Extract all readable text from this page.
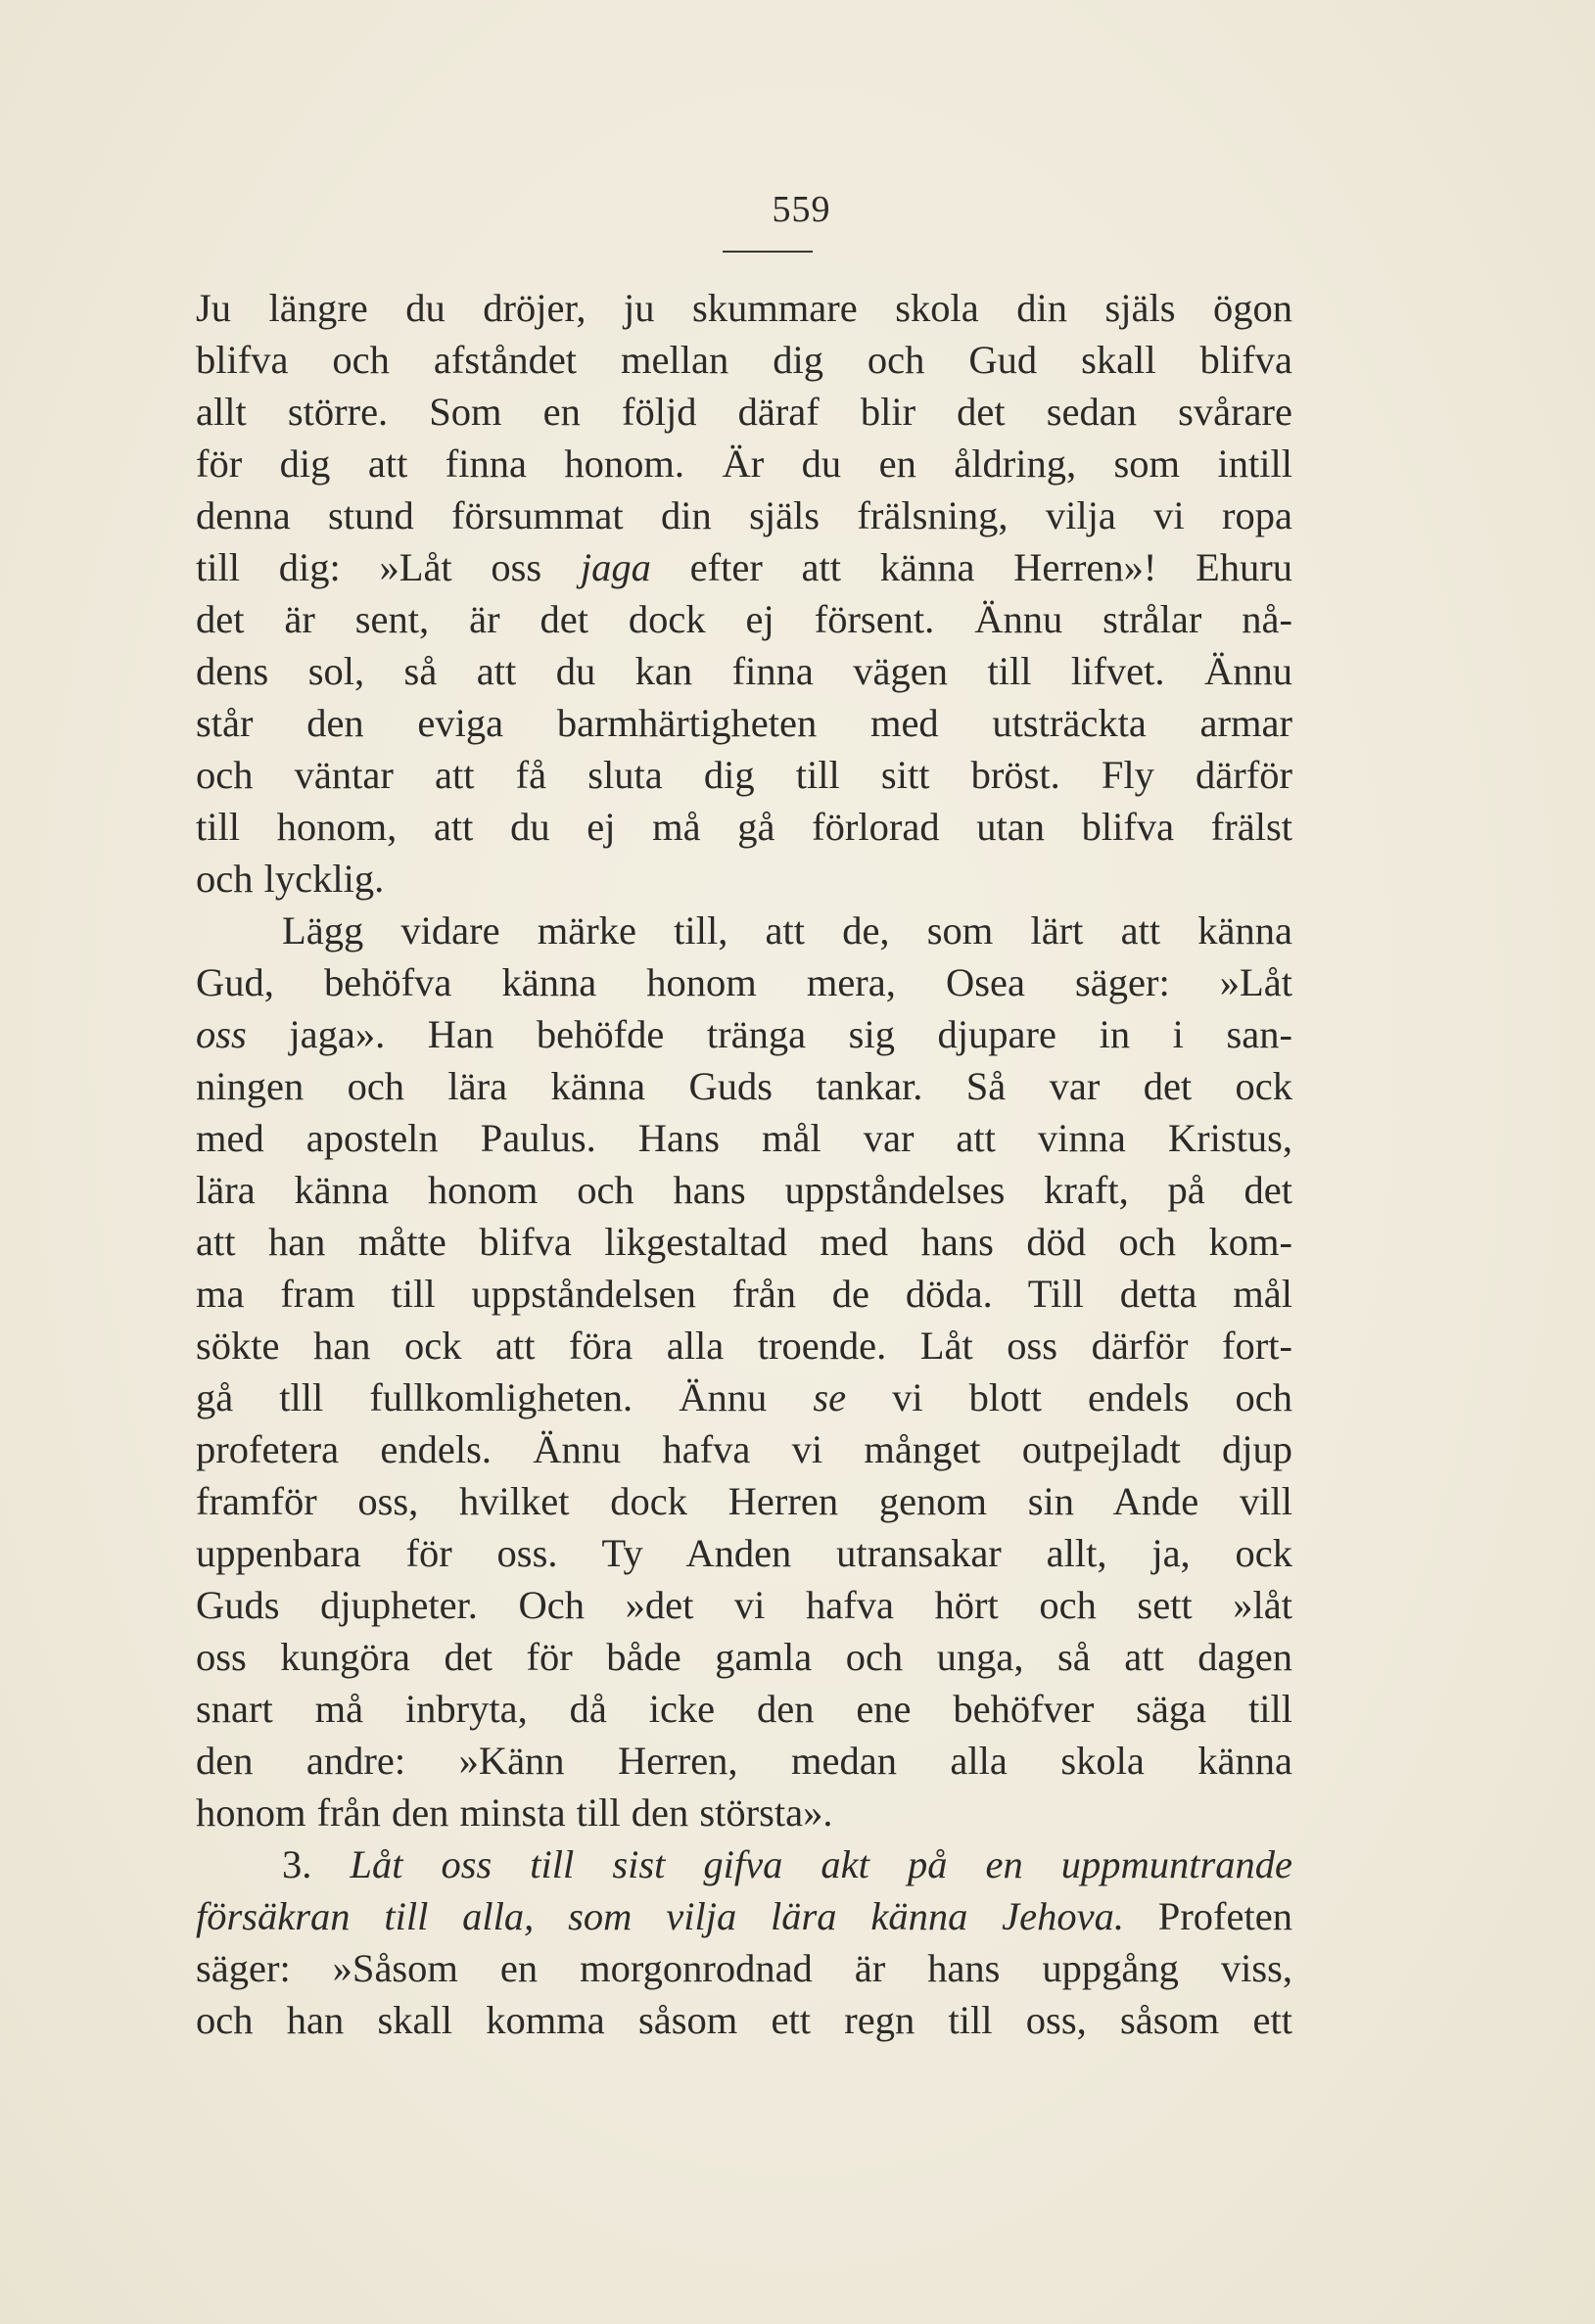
559
Ju längre du dröjer, ju skummare skola din själs ögon
blifva och afståndet mellan dig och Gud skall blifva
allt större. Som en följd däraf blir det sedan svårare
för dig att finna honom. Är du en åldring, som intill
denna stund försummat din själs frälsning, vilja vi ropa
till dig: »Låt oss jaga efter att känna Herren»! Ehuru
det är sent, är det dock ej försent. Ännu strålar nå-
dens sol, så att du kan finna vägen till lifvet. Ännu
står den eviga barmhärtigheten med utsträckta armar
och väntar att få sluta dig till sitt bröst. Fly därför
till honom, att du ej må gå förlorad utan blifva frälst
och lycklig.
Lägg vidare märke till, att de, som lärt att känna
Gud, behöfva känna honom mera, Osea säger: »Låt
oss jaga». Han behöfde tränga sig djupare in i san-
ningen och lära känna Guds tankar. Så var det ock
med aposteln Paulus. Hans mål var att vinna Kristus,
lära känna honom och hans uppståndelses kraft, på det
att han måtte blifva likgestaltad med hans död och kom-
ma fram till uppståndelsen från de döda. Till detta mål
sökte han ock att föra alla troende. Låt oss därför fort-
gå tlll fullkomligheten. Ännu se vi blott endels och
profetera endels. Ännu hafva vi månget outpejladt djup
framför oss, hvilket dock Herren genom sin Ande vill
uppenbara för oss. Ty Anden utransakar allt, ja, ock
Guds djupheter. Och »det vi hafva hört och sett »låt
oss kungöra det för både gamla och unga, så att dagen
snart må inbryta, då icke den ene behöfver säga till
den andre: »Känn Herren, medan alla skola känna
honom från den minsta till den största».
3. Låt oss till sist gifva akt på en uppmuntrande
försäkran till alla, som vilja lära känna Jehova. Profeten
säger: »Såsom en morgonrodnad är hans uppgång viss,
och han skall komma såsom ett regn till oss, såsom ett
